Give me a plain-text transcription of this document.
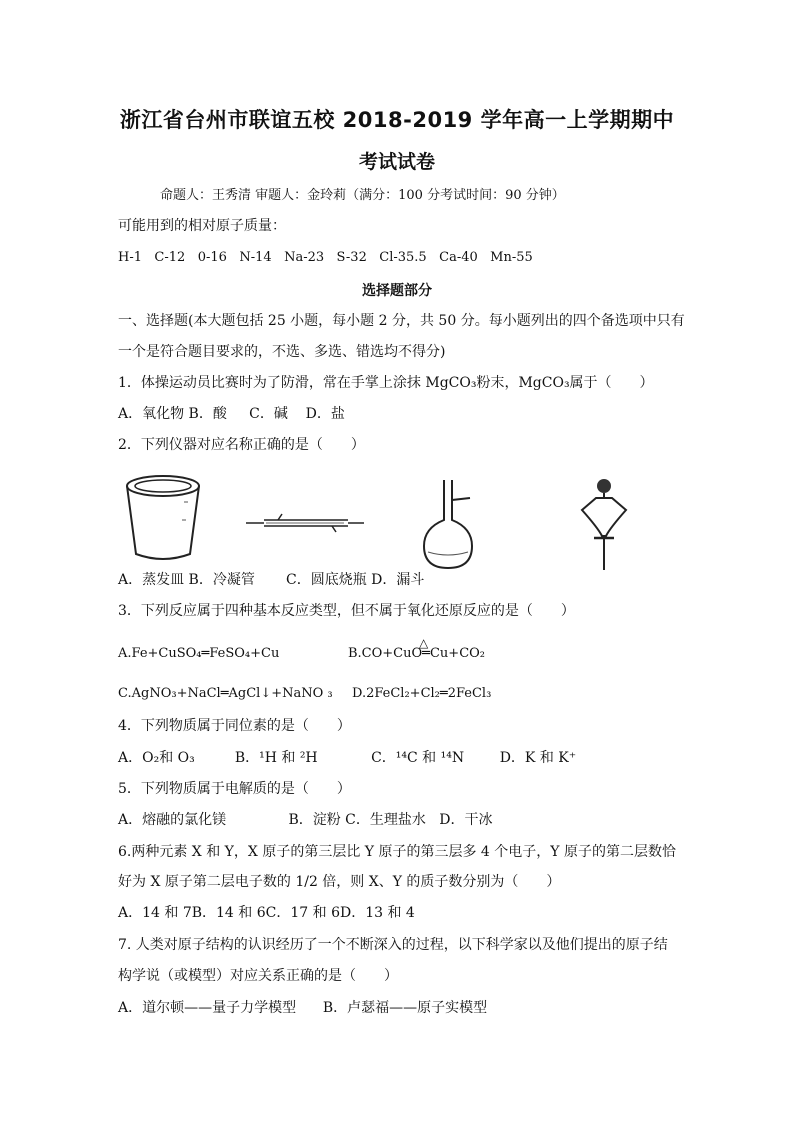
浙江省台州市联谊五校 2018-2019 学年高一上学期期中
考试试卷
命题人：王秀清 审题人：金玲莉（满分：100 分考试时间：90 分钟）
可能用到的相对原子质量：
H-1 C-12 0-16 N-14 Na-23 S-32 Cl-35.5 Ca-40 Mn-55
选择题部分
一、选择题(本大题包括 25 小题，每小题 2 分，共 50 分。每小题列出的四个备选项中只有
一个是符合题目要求的，不选、多选、错选均不得分)
1．体操运动员比赛时为了防滑，常在手掌上涂抹 MgCO₃粉末，MgCO₃属于（　　）
A．氧化物 B．酸 C．碱 D．盐
2．下列仪器对应名称正确的是（　　）
A．蒸发皿 B．冷凝管 C．圆底烧瓶 D．漏斗
3．下列反应属于四种基本反应类型，但不属于氧化还原反应的是（　　）
A.Fe+CuSO₄═FeSO₄+Cu
△
B.CO+CuO═Cu+CO₂
C.AgNO₃+NaCl═AgCl↓+NaNO ₃ D.2FeCl₂+Cl₂═2FeCl₃
4．下列物质属于同位素的是（　　）
A．O₂和 O₃	B．¹H 和 ²H	C．¹⁴C 和 ¹⁴N	D．K 和 K⁺
5．下列物质属于电解质的是（　　）
A．熔融的氯化镁	B．淀粉 C．生理盐水 D．干冰
6.两种元素 X 和 Y，X 原子的第三层比 Y 原子的第三层多 4 个电子，Y 原子的第二层数恰
好为 X 原子第二层电子数的 1/2 倍，则 X、Y 的质子数分别为（　　）
A．14 和 7B．14 和 6C．17 和 6D．13 和 4
7. 人类对原子结构的认识经历了一个不断深入的过程，以下科学家以及他们提出的原子结
构学说（或模型）对应关系正确的是（　　）
A．道尔顿——量子力学模型 B．卢瑟福——原子实模型
